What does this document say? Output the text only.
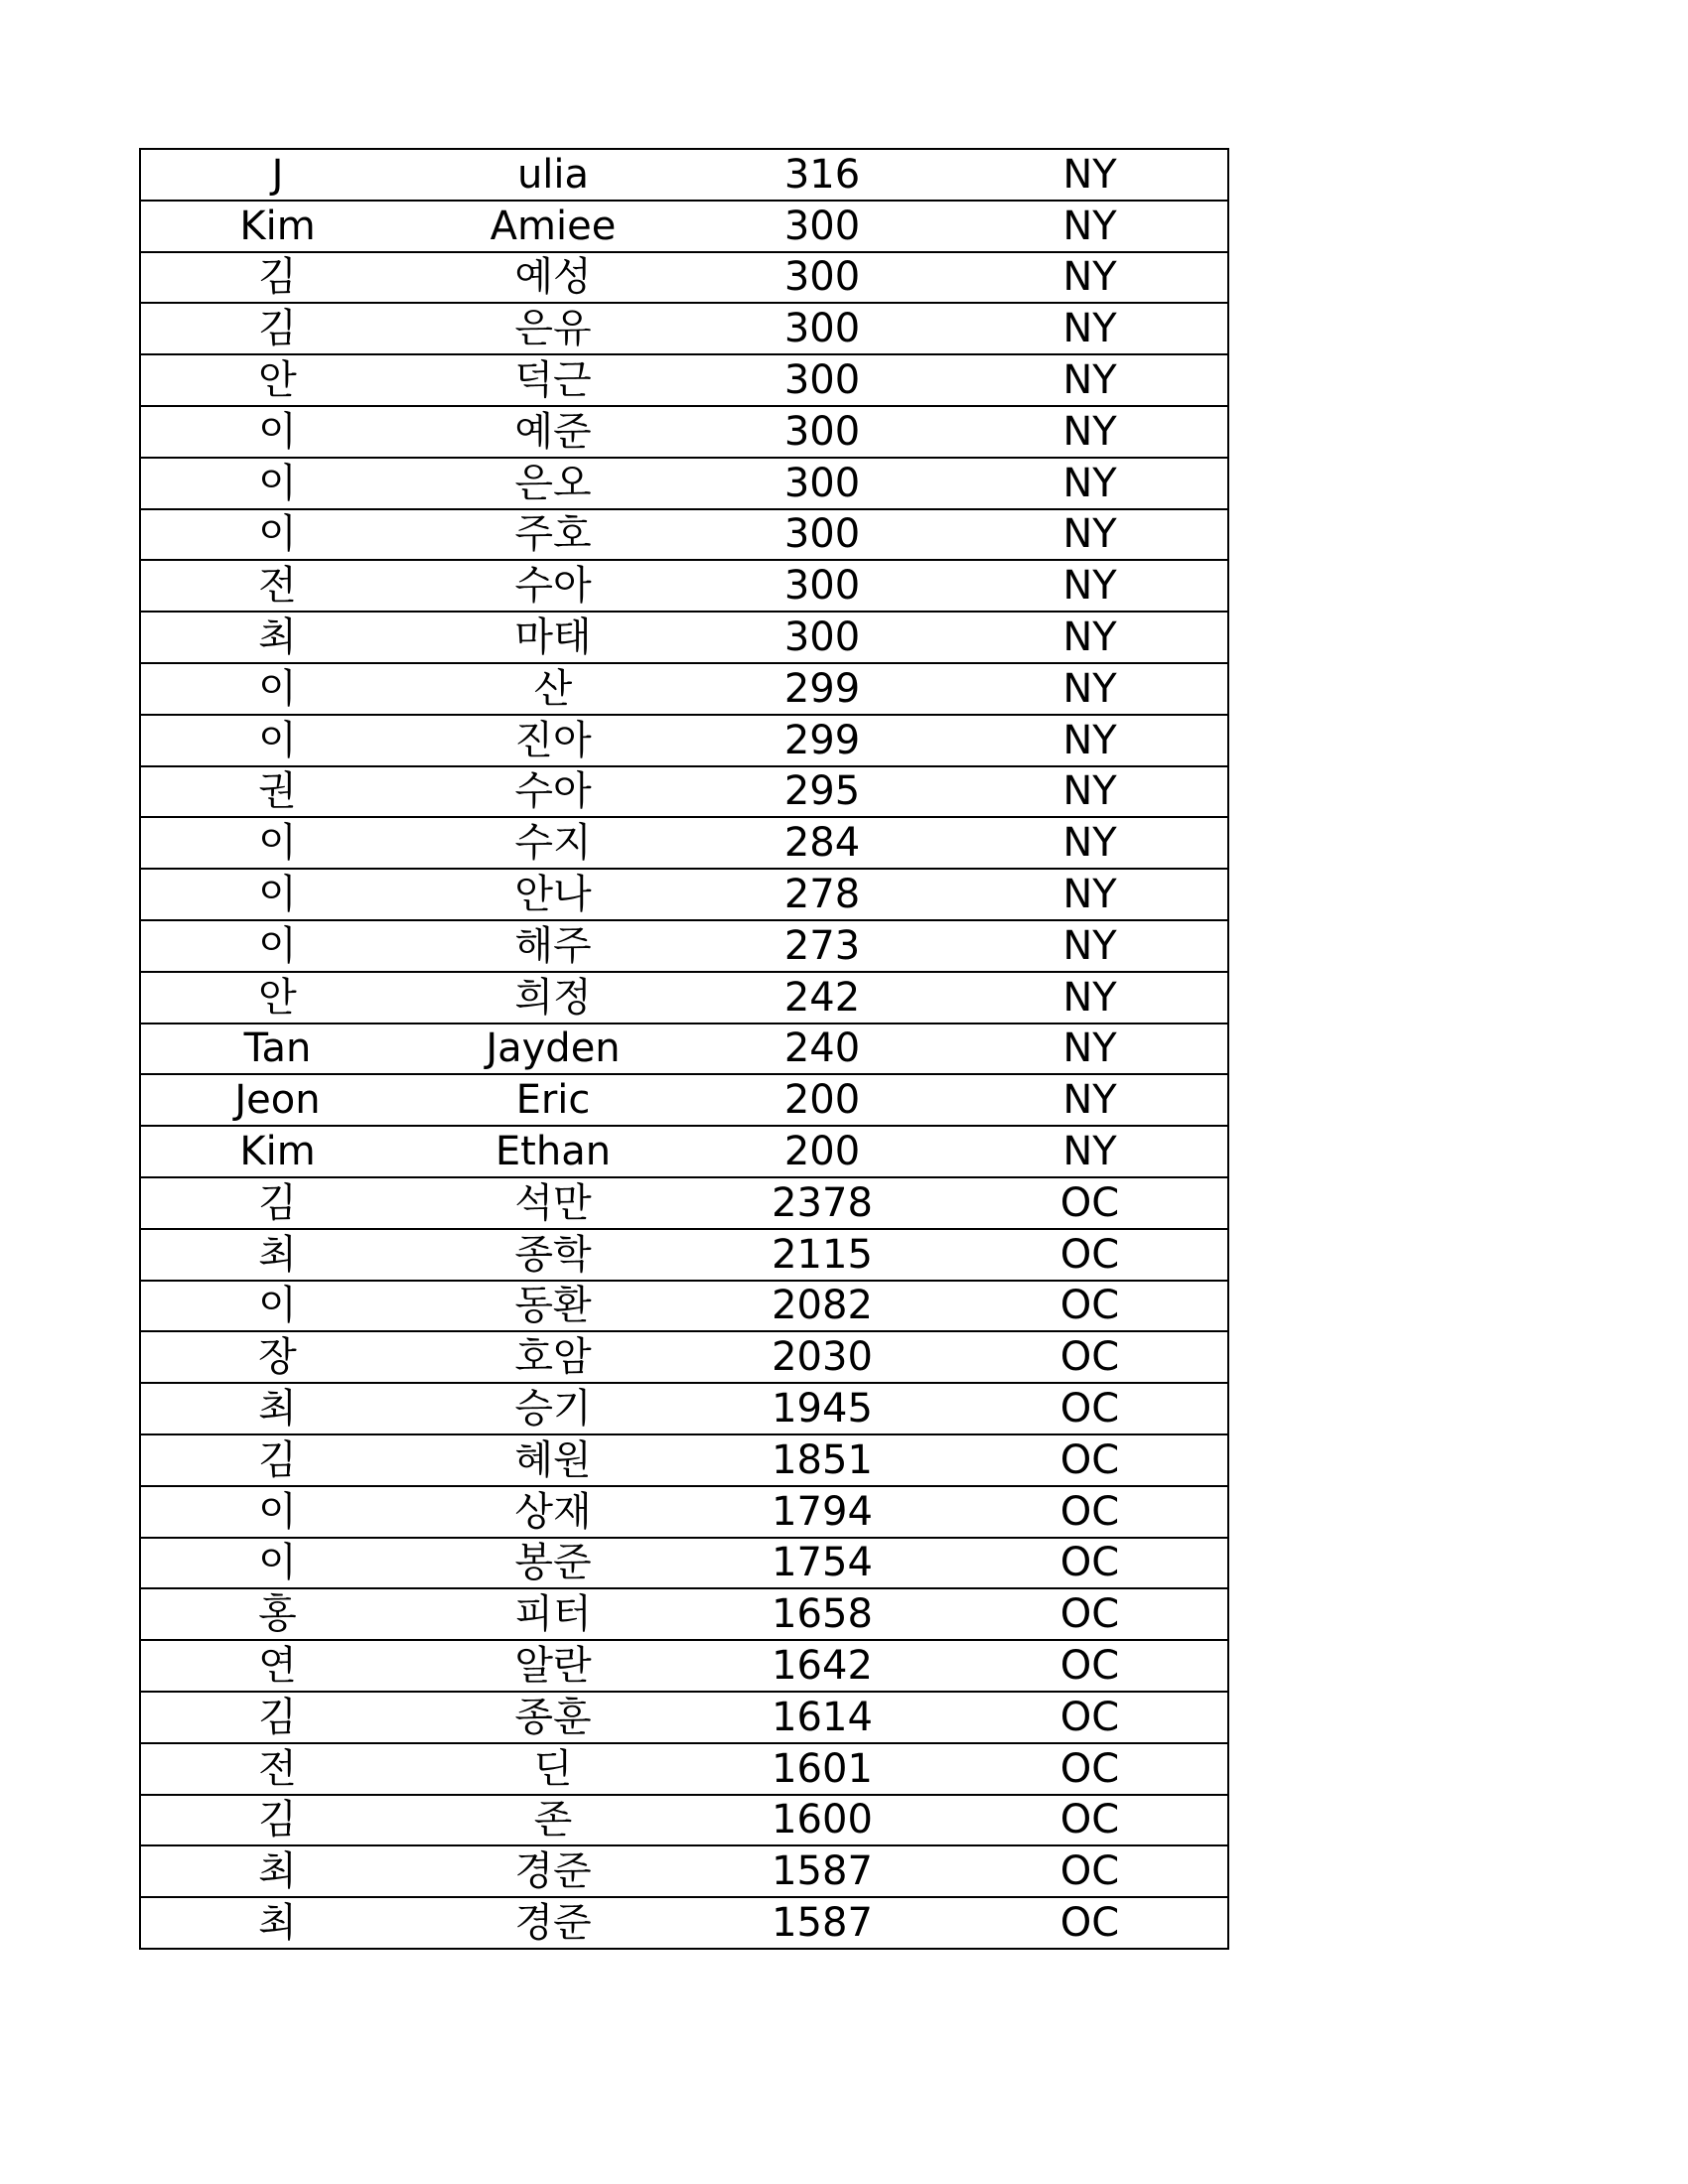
J	ulia	316	NY
Kim	Amiee	300	NY
김	예성	300	NY
김	은유	300	NY
안	덕근	300	NY
이	예준	300	NY
이	은오	300	NY
이	주호	300	NY
전	수아	300	NY
최	마태	300	NY
이	산	299	NY
이	진아	299	NY
권	수아	295	NY
이	수지	284	NY
이	안나	278	NY
이	해주	273	NY
안	희정	242	NY
Tan	Jayden	240	NY
Jeon	Eric	200	NY
Kim	Ethan	200	NY
김	석만	2378	OC
최	종학	2115	OC
이	동환	2082	OC
장	호암	2030	OC
최	승기	1945	OC
김	혜원	1851	OC
이	상재	1794	OC
이	봉준	1754	OC
홍	피터	1658	OC
연	알란	1642	OC
김	종훈	1614	OC
전	딘	1601	OC
김	존	1600	OC
최	경준	1587	OC
최	경준	1587	OC
